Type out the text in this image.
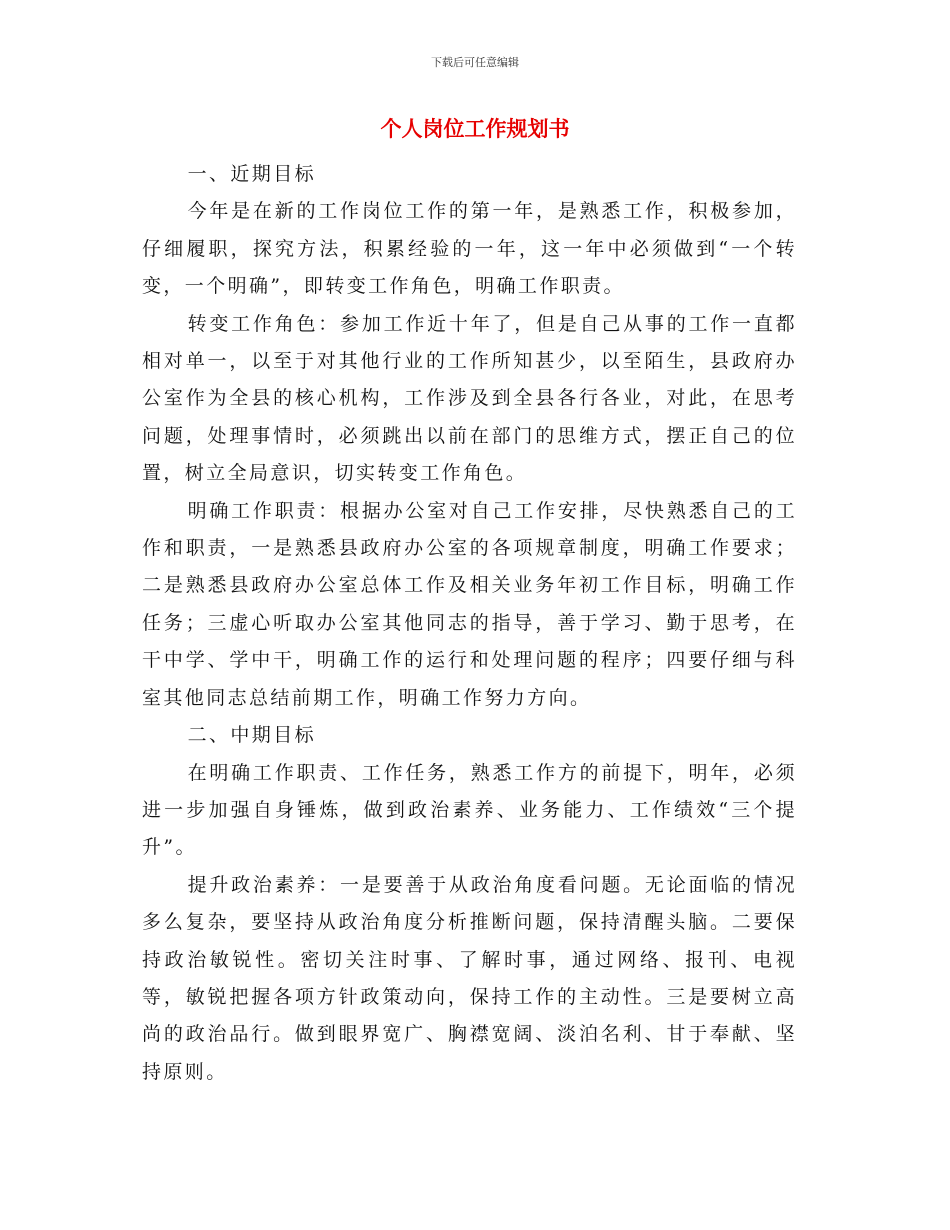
下载后可任意编辑
个人岗位工作规划书

一、近期目标

今年是在新的工作岗位工作的第一年，是熟悉工作，积极参加，仔细履职，探究方法，积累经验的一年，这一年中必须做到“一个转变，一个明确”，即转变工作角色，明确工作职责。

转变工作角色：参加工作近十年了，但是自己从事的工作一直都相对单一，以至于对其他行业的工作所知甚少，以至陌生，县政府办公室作为全县的核心机构，工作涉及到全县各行各业，对此，在思考问题，处理事情时，必须跳出以前在部门的思维方式，摆正自己的位置，树立全局意识，切实转变工作角色。

明确工作职责：根据办公室对自己工作安排，尽快熟悉自己的工作和职责，一是熟悉县政府办公室的各项规章制度，明确工作要求；二是熟悉县政府办公室总体工作及相关业务年初工作目标，明确工作任务；三虚心听取办公室其他同志的指导，善于学习、勤于思考，在干中学、学中干，明确工作的运行和处理问题的程序；四要仔细与科室其他同志总结前期工作，明确工作努力方向。

二、中期目标

在明确工作职责、工作任务，熟悉工作方的前提下，明年，必须进一步加强自身锤炼，做到政治素养、业务能力、工作绩效“三个提升”。

提升政治素养：一是要善于从政治角度看问题。无论面临的情况多么复杂，要坚持从政治角度分析推断问题，保持清醒头脑。二要保持政治敏锐性。密切关注时事、了解时事，通过网络、报刊、电视等，敏锐把握各项方针政策动向，保持工作的主动性。三是要树立高尚的政治品行。做到眼界宽广、胸襟宽阔、淡泊名利、甘于奉献、坚持原则。
